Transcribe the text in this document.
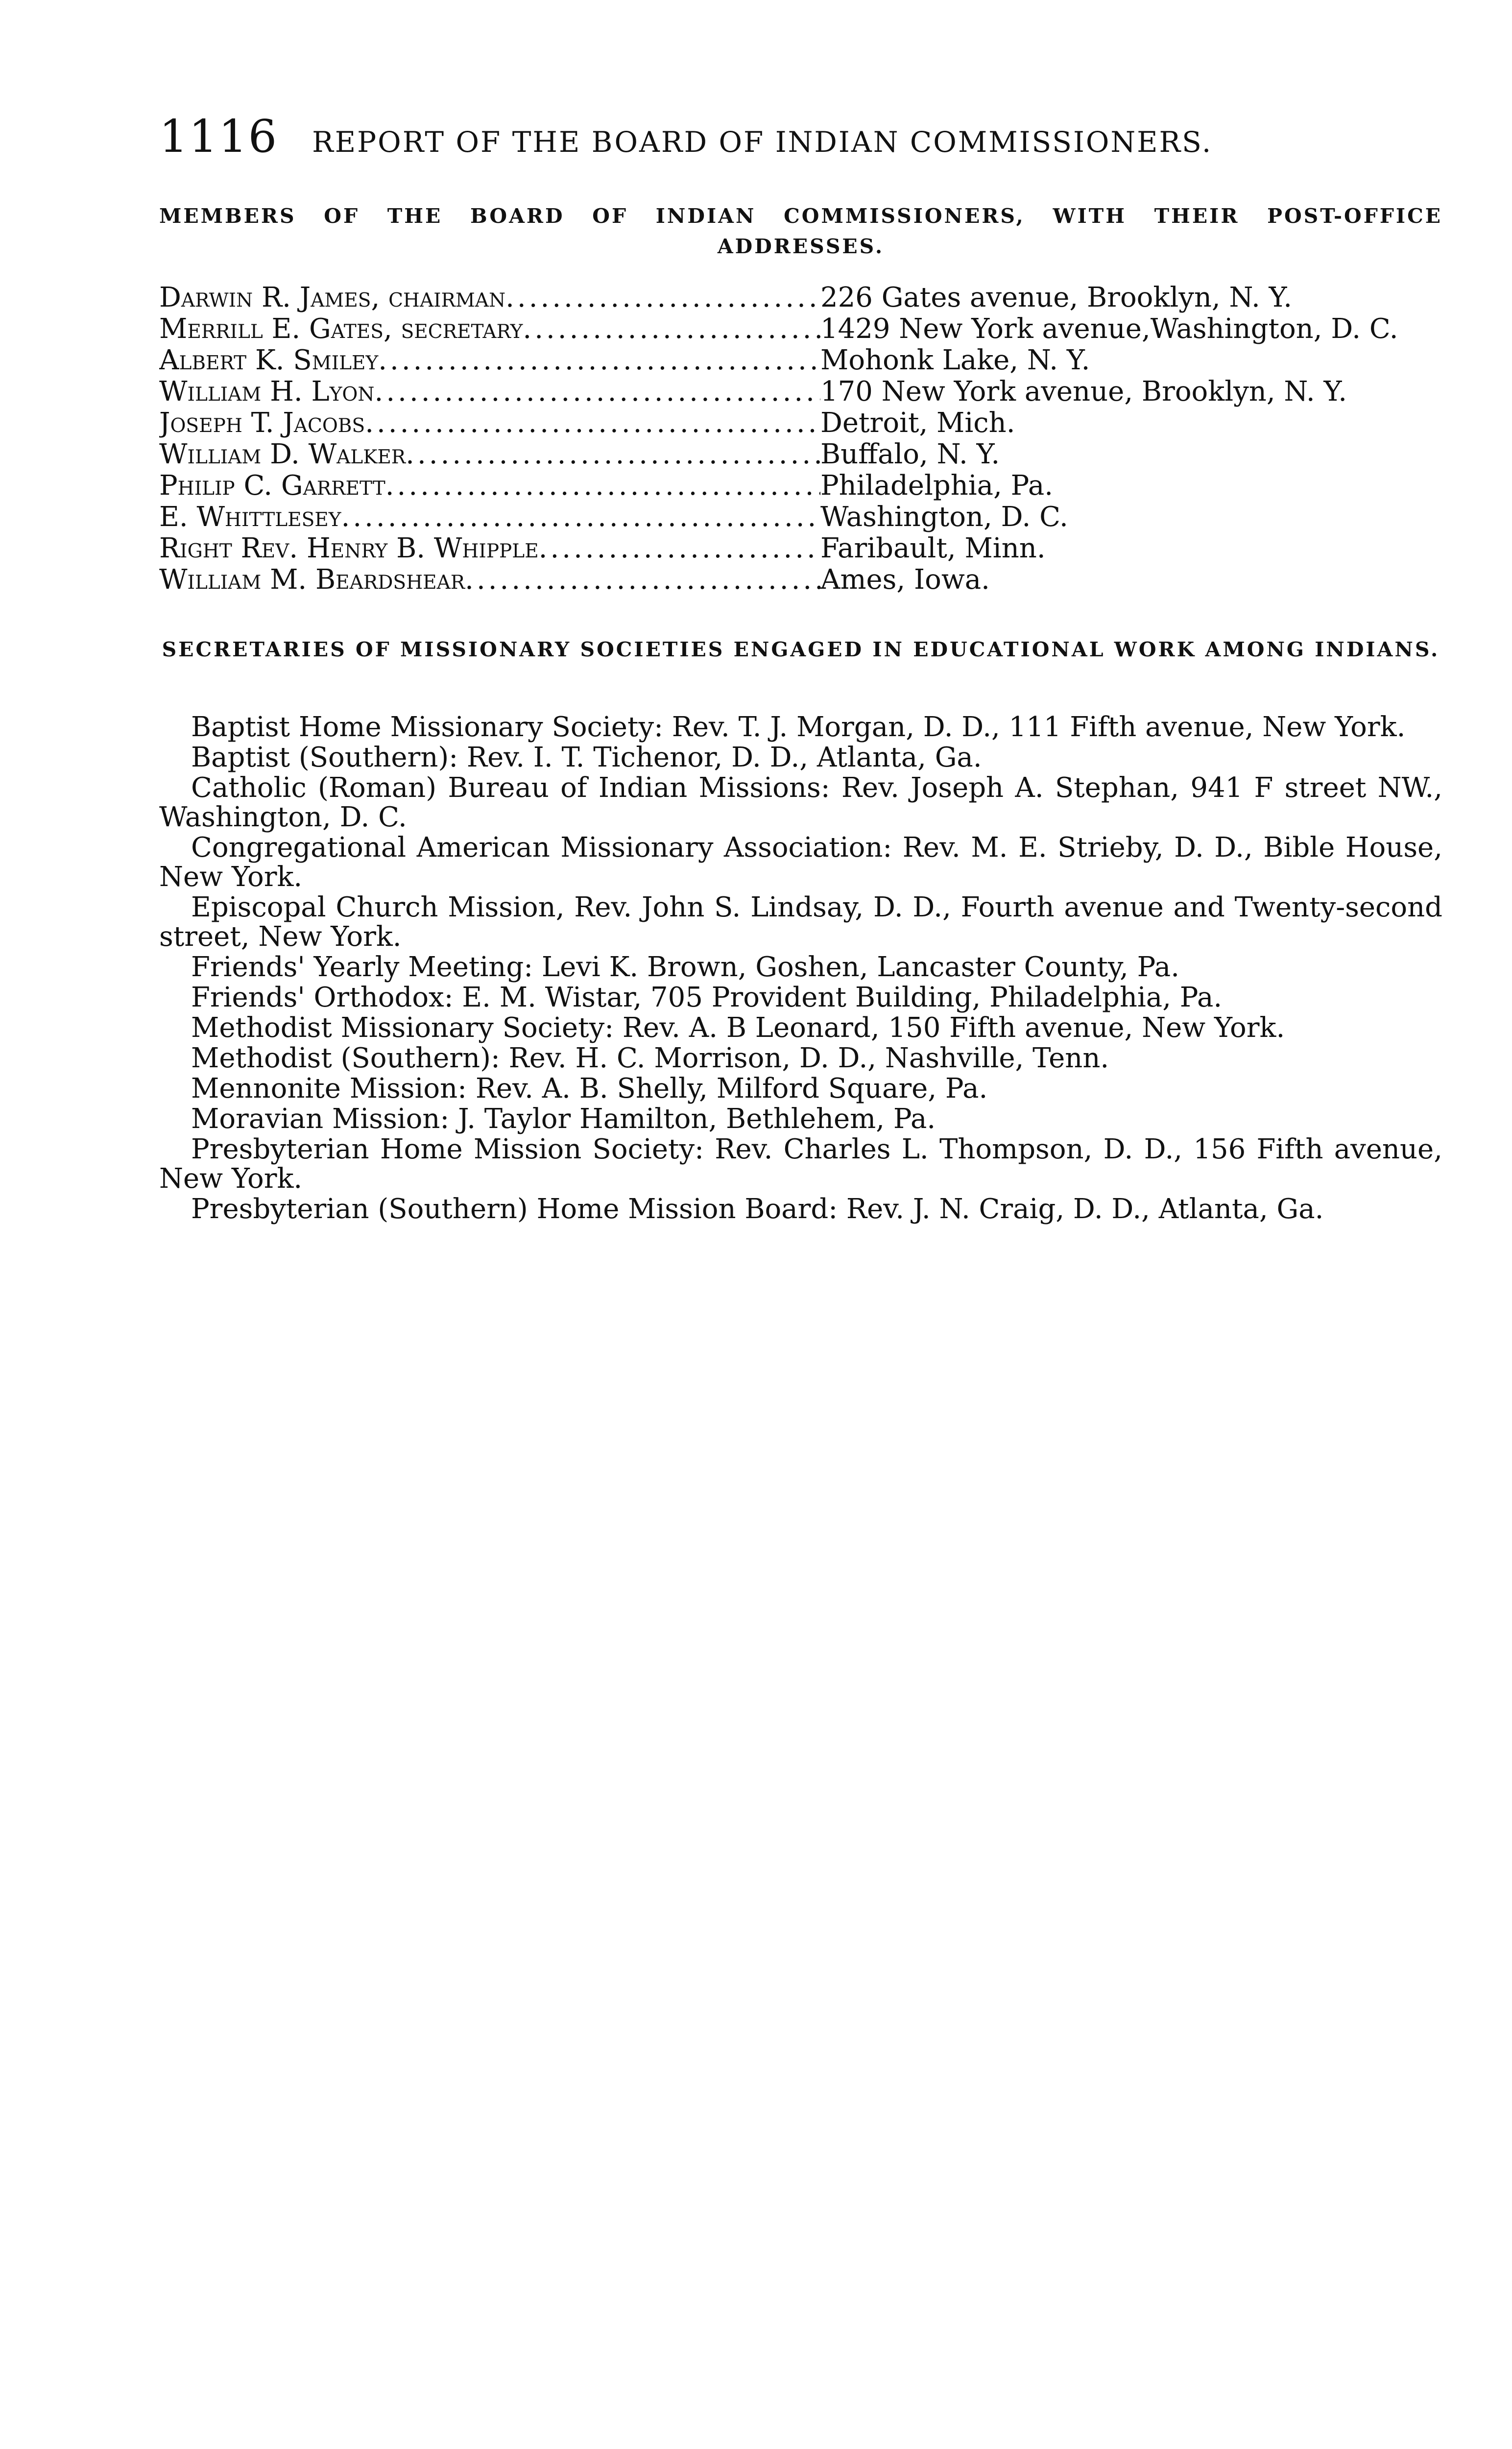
1116 REPORT OF THE BOARD OF INDIAN COMMISSIONERS.
MEMBERS OF THE BOARD OF INDIAN COMMISSIONERS, WITH THEIR POST-OFFICE ADDRESSES.
Darwin R. James, chairman .....	226 Gates avenue, Brooklyn, N. Y.
Merrill E. Gates, secretary .....	1429 New York avenue,Washington, D. C.
Albert K. Smiley .....	Mohonk Lake, N. Y.
William H. Lyon .....	170 New York avenue, Brooklyn, N. Y.
Joseph T. Jacobs .....	Detroit, Mich.
William D. Walker .....	Buffalo, N. Y.
Philip C. Garrett .....	Philadelphia, Pa.
E. Whittlesey .....	Washington, D. C.
Right Rev. Henry B. Whipple .....	Faribault, Minn.
William M. Beardshear .....	Ames, Iowa.
SECRETARIES OF MISSIONARY SOCIETIES ENGAGED IN EDUCATIONAL WORK AMONG INDIANS.

Baptist Home Missionary Society: Rev. T. J. Morgan, D. D., 111 Fifth avenue, New York.

Baptist (Southern): Rev. I. T. Tichenor, D. D., Atlanta, Ga.

Catholic (Roman) Bureau of Indian Missions: Rev. Joseph A. Stephan, 941 F street NW., Washington, D. C.

Congregational American Missionary Association: Rev. M. E. Strieby, D. D., Bible House, New York.

Episcopal Church Mission, Rev. John S. Lindsay, D. D., Fourth avenue and Twenty-second street, New York.

Friends' Yearly Meeting: Levi K. Brown, Goshen, Lancaster County, Pa.

Friends' Orthodox: E. M. Wistar, 705 Provident Building, Philadelphia, Pa.

Methodist Missionary Society: Rev. A. B Leonard, 150 Fifth avenue, New York.

Methodist (Southern): Rev. H. C. Morrison, D. D., Nashville, Tenn.

Mennonite Mission: Rev. A. B. Shelly, Milford Square, Pa.

Moravian Mission: J. Taylor Hamilton, Bethlehem, Pa.

Presbyterian Home Mission Society: Rev. Charles L. Thompson, D. D., 156 Fifth avenue, New York.

Presbyterian (Southern) Home Mission Board: Rev. J. N. Craig, D. D., Atlanta, Ga.
